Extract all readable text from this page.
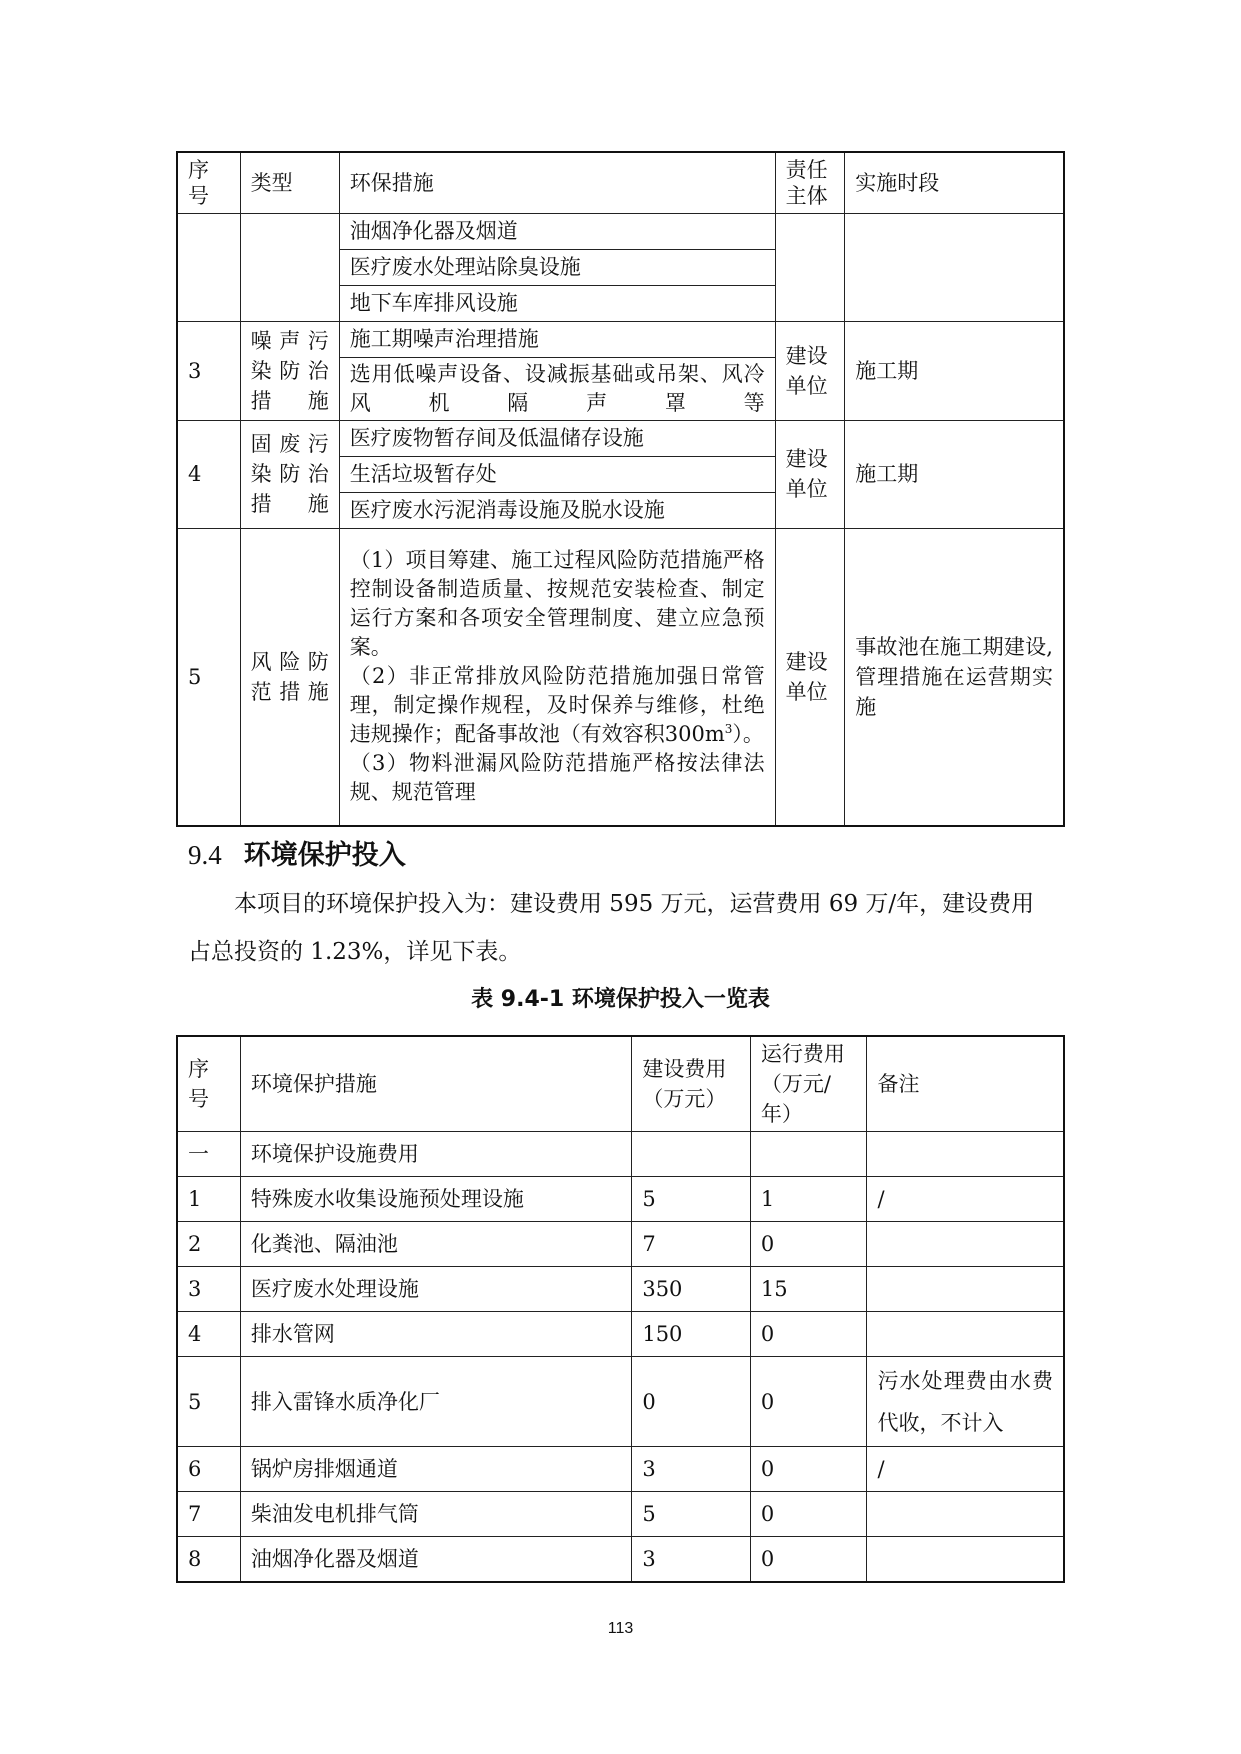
序号	类型	环保措施	责任主体	实施时段
		油烟净化器及烟道		
		医疗废水处理站除臭设施		
		地下车库排风设施		
3	噪声污染防治措施	施工期噪声治理措施	建设单位	施工期
		选用低噪声设备、设减振基础或吊架、风冷风机隔声罩等		
4	固废污染防治措施	医疗废物暂存间及低温储存设施	建设单位	施工期
		生活垃圾暂存处		
		医疗废水污泥消毒设施及脱水设施		
5	风险防范措施	（1）项目筹建、施工过程风险防范措施严格控制设备制造质量、按规范安装检查、制定运行方案和各项安全管理制度、建立应急预案。
（2）非正常排放风险防范措施加强日常管理，制定操作规程，及时保养与维修，杜绝违规操作；配备事故池（有效容积$300m^3$）。
（3）物料泄漏风险防范措施严格按法律法规、规范管理	建设单位	事故池在施工期建设,管理措施在运营期实施
9.4 环境保护投入

本项目的环境保护投入为：建设费用 595 万元，运营费用 69 万/年，建设费用占总投资的 1.23%，详见下表。

表 9.4-1 环境保护投入一览表
序号	环境保护措施	建设费用（万元）	运行费用（万元/年）	备注
一	环境保护设施费用			
1	特殊废水收集设施预处理设施	5	1	/
2	化粪池、隔油池	7	0	
3	医疗废水处理设施	350	15	
4	排水管网	150	0	
5	排入雷锋水质净化厂	0	0	污水处理费由水费代收，不计入
6	锅炉房排烟通道	3	0	/
7	柴油发电机排气筒	5	0	
8	油烟净化器及烟道	3	0	
113
